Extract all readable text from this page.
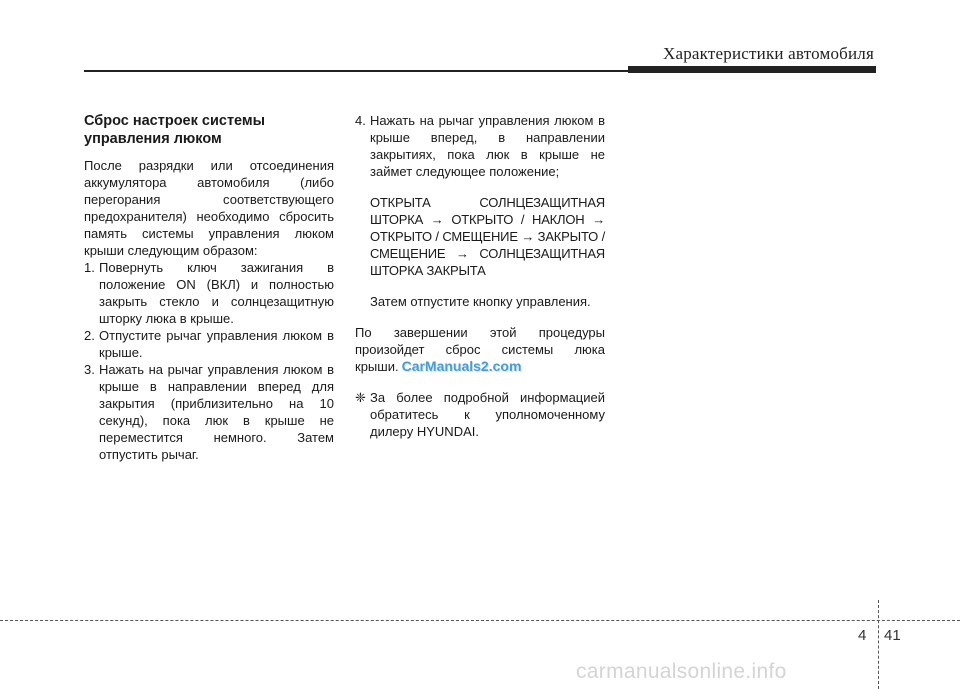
Характеристики автомобиля
Сброс настроек системы управления люком

После разрядки или отсоединения аккумулятора автомобиля (либо перегорания соответствующего предохранителя) необходимо сбросить память системы управления люком крыши следующим образом:

1. Повернуть ключ зажигания в положение ON (ВКЛ) и полностью закрыть стекло и солнцезащитную шторку люка в крыше.
2. Отпустите рычаг управления люком в крыше.
3. Нажать на рычаг управления люком в крыше в направлении вперед для закрытия (приблизительно на 10 секунд), пока люк в крыше не переместится немного. Затем отпустить рычаг.
4. Нажать на рычаг управления люком в крыше вперед, в направлении закрытиях, пока люк в крыше не займет следующее положение;
ОТКРЫТА СОЛНЦЕЗАЩИТНАЯ ШТОРКА → ОТКРЫТО / НАКЛОН → ОТКРЫТО / СМЕЩЕНИЕ → ЗАКРЫТО / СМЕЩЕНИЕ → СОЛНЦЕЗАЩИТНАЯ ШТОРКА ЗАКРЫТА
Затем отпустите кнопку управления.

По завершении этой процедуры произойдет сброс системы люка крыши. CarManuals2.com

❈ За более подробной информацией обратитесь к уполномоченному дилеру HYUNDAI.
4 41
carmanualsonline.info
